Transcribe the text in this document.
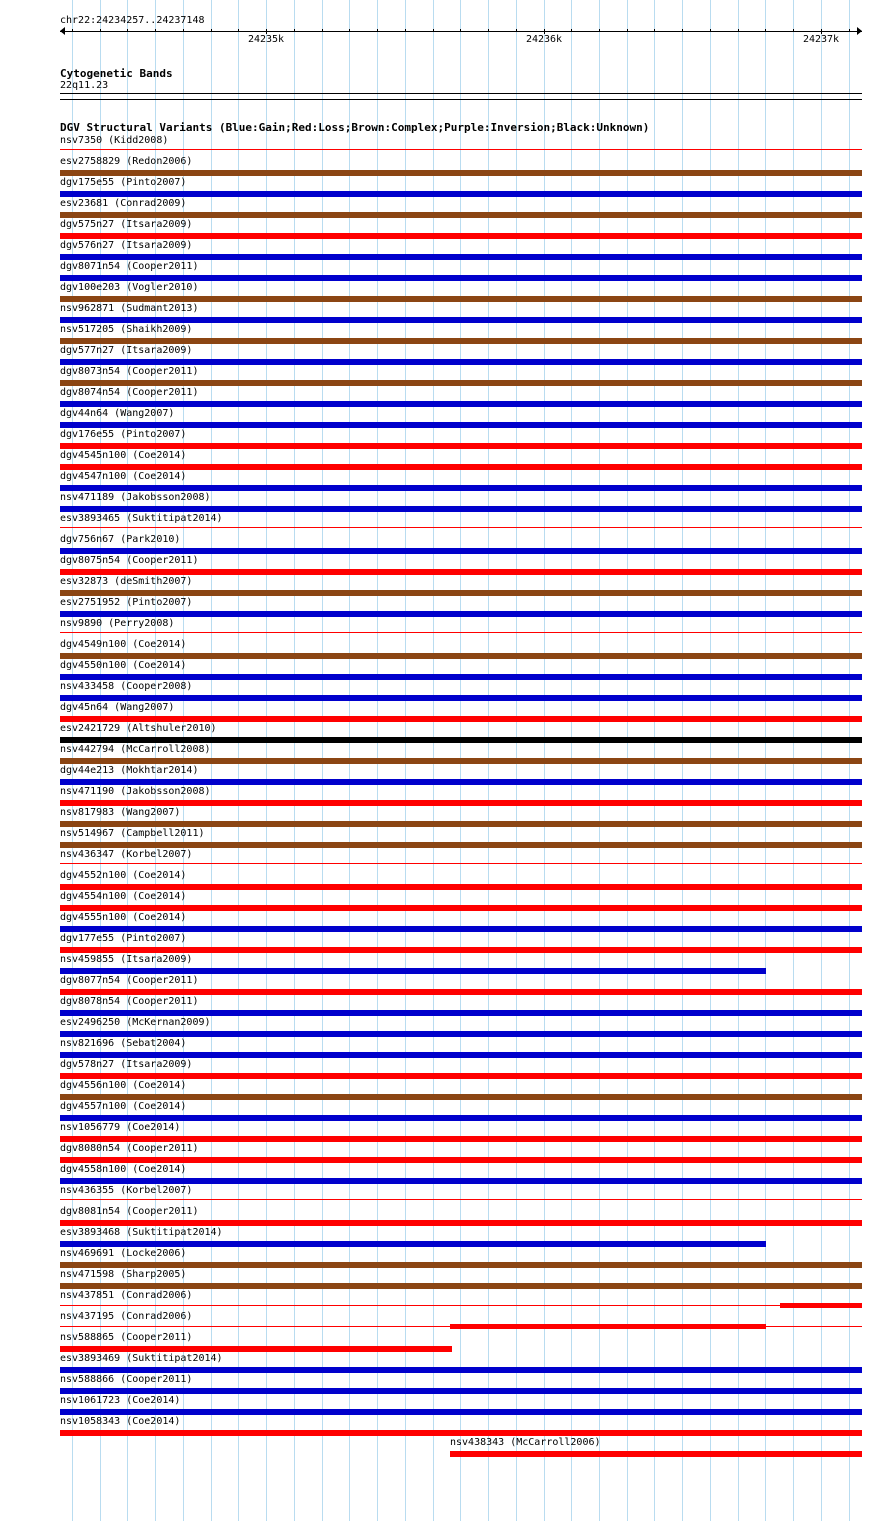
chr22:24234257..24237148
24235k	24236k	24237k
Cytogenetic Bands
22q11.23
DGV Structural Variants (Blue:Gain;Red:Loss;Brown:Complex;Purple:Inversion;Black:Unknown)
nsv7350 (Kidd2008)
esv2758829 (Redon2006)
dgv175e55 (Pinto2007)
esv23681 (Conrad2009)
dgv575n27 (Itsara2009)
dgv576n27 (Itsara2009)
dgv8071n54 (Cooper2011)
dgv100e203 (Vogler2010)
nsv962871 (Sudmant2013)
nsv517205 (Shaikh2009)
dgv577n27 (Itsara2009)
dgv8073n54 (Cooper2011)
dgv8074n54 (Cooper2011)
dgv44n64 (Wang2007)
dgv176e55 (Pinto2007)
dgv4545n100 (Coe2014)
dgv4547n100 (Coe2014)
nsv471189 (Jakobsson2008)
esv3893465 (Suktitipat2014)
dgv756n67 (Park2010)
dgv8075n54 (Cooper2011)
esv32873 (deSmith2007)
esv2751952 (Pinto2007)
nsv9890 (Perry2008)
dgv4549n100 (Coe2014)
dgv4550n100 (Coe2014)
nsv433458 (Cooper2008)
dgv45n64 (Wang2007)
esv2421729 (Altshuler2010)
nsv442794 (McCarroll2008)
dgv44e213 (Mokhtar2014)
nsv471190 (Jakobsson2008)
nsv817983 (Wang2007)
nsv514967 (Campbell2011)
nsv436347 (Korbel2007)
dgv4552n100 (Coe2014)
dgv4554n100 (Coe2014)
dgv4555n100 (Coe2014)
dgv177e55 (Pinto2007)
nsv459855 (Itsara2009)
dgv8077n54 (Cooper2011)
dgv8078n54 (Cooper2011)
esv2496250 (McKernan2009)
nsv821696 (Sebat2004)
dgv578n27 (Itsara2009)
dgv4556n100 (Coe2014)
dgv4557n100 (Coe2014)
nsv1056779 (Coe2014)
dgv8080n54 (Cooper2011)
dgv4558n100 (Coe2014)
nsv436355 (Korbel2007)
dgv8081n54 (Cooper2011)
esv3893468 (Suktitipat2014)
nsv469691 (Locke2006)
nsv471598 (Sharp2005)
nsv437851 (Conrad2006)
nsv437195 (Conrad2006)
nsv588865 (Cooper2011)
esv3893469 (Suktitipat2014)
nsv588866 (Cooper2011)
nsv1061723 (Coe2014)
nsv1058343 (Coe2014)
nsv438343 (McCarroll2006)
